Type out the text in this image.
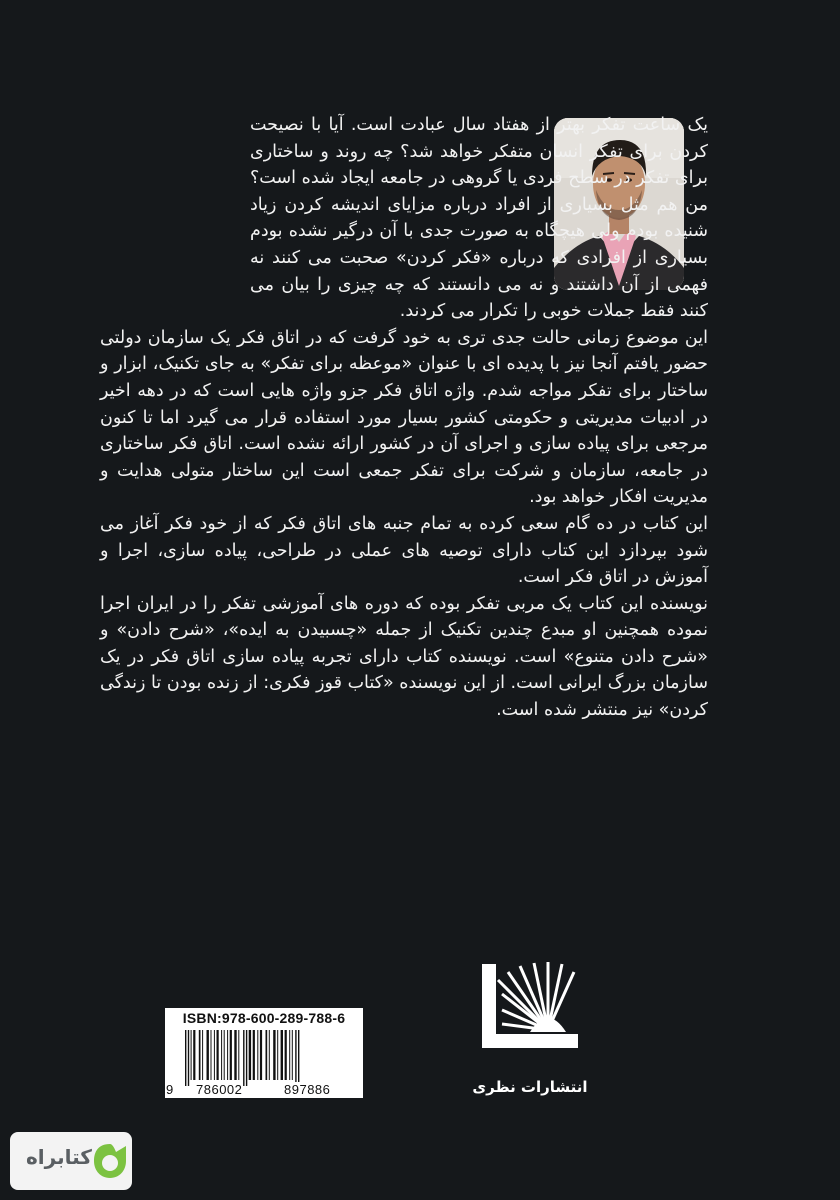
یک ساعت تفکر بهتر از هفتاد سال عبادت است. آیا با نصیحت کردن برای تفکر انسان متفکر خواهد شد؟ چه روند و ساختاری برای تفکر در سطح فردی یا گروهی در جامعه ایجاد شده است؟ من هم مثل بسیاری از افراد درباره مزایای اندیشه کردن زیاد شنیده بودم ولی هیچگاه به صورت جدی با آن درگیر نشده بودم بسیاری از افرادی که درباره «فکر کردن» صحبت می کنند نه فهمی از آن داشتند و نه می دانستند که چه چیزی را بیان می کنند فقط جملات خوبی را تکرار می کردند.

این موضوع زمانی حالت جدی تری به خود گرفت که در اتاق فکر یک سازمان دولتی حضور یافتم آنجا نیز با پدیده ای با عنوان «موعظه برای تفکر» به جای تکنیک، ابزار و ساختار برای تفکر مواجه شدم. واژه اتاق فکر جزو واژه هایی است که در دهه اخیر در ادبیات مدیریتی و حکومتی کشور بسیار مورد استفاده قرار می گیرد اما تا کنون مرجعی برای پیاده سازی و اجرای آن در کشور ارائه نشده است. اتاق فکر ساختاری در جامعه، سازمان و شرکت برای تفکر جمعی است این ساختار متولی هدایت و مدیریت افکار خواهد بود.

این کتاب در ده گام سعی کرده به تمام جنبه های اتاق فکر که از خود فکر آغاز می شود بپردازد این کتاب دارای توصیه های عملی در طراحی، پیاده سازی، اجرا و آموزش در اتاق فکر است.

نویسنده این کتاب یک مربی تفکر بوده که دوره های آموزشی تفکر را در ایران اجرا نموده همچنین او مبدع چندین تکنیک از جمله «چسبیدن به ایده»، «شرح دادن» و «شرح دادن متنوع» است. نویسنده کتاب دارای تجربه پیاده سازی اتاق فکر در یک سازمان بزرگ ایرانی است. از این نویسنده «کتاب قوز فکری: از زنده بودن تا زندگی کردن» نیز منتشر شده است.

ISBN:978-600-289-788-6
9 786002	897886	انتشارات نظری
کتابراه
